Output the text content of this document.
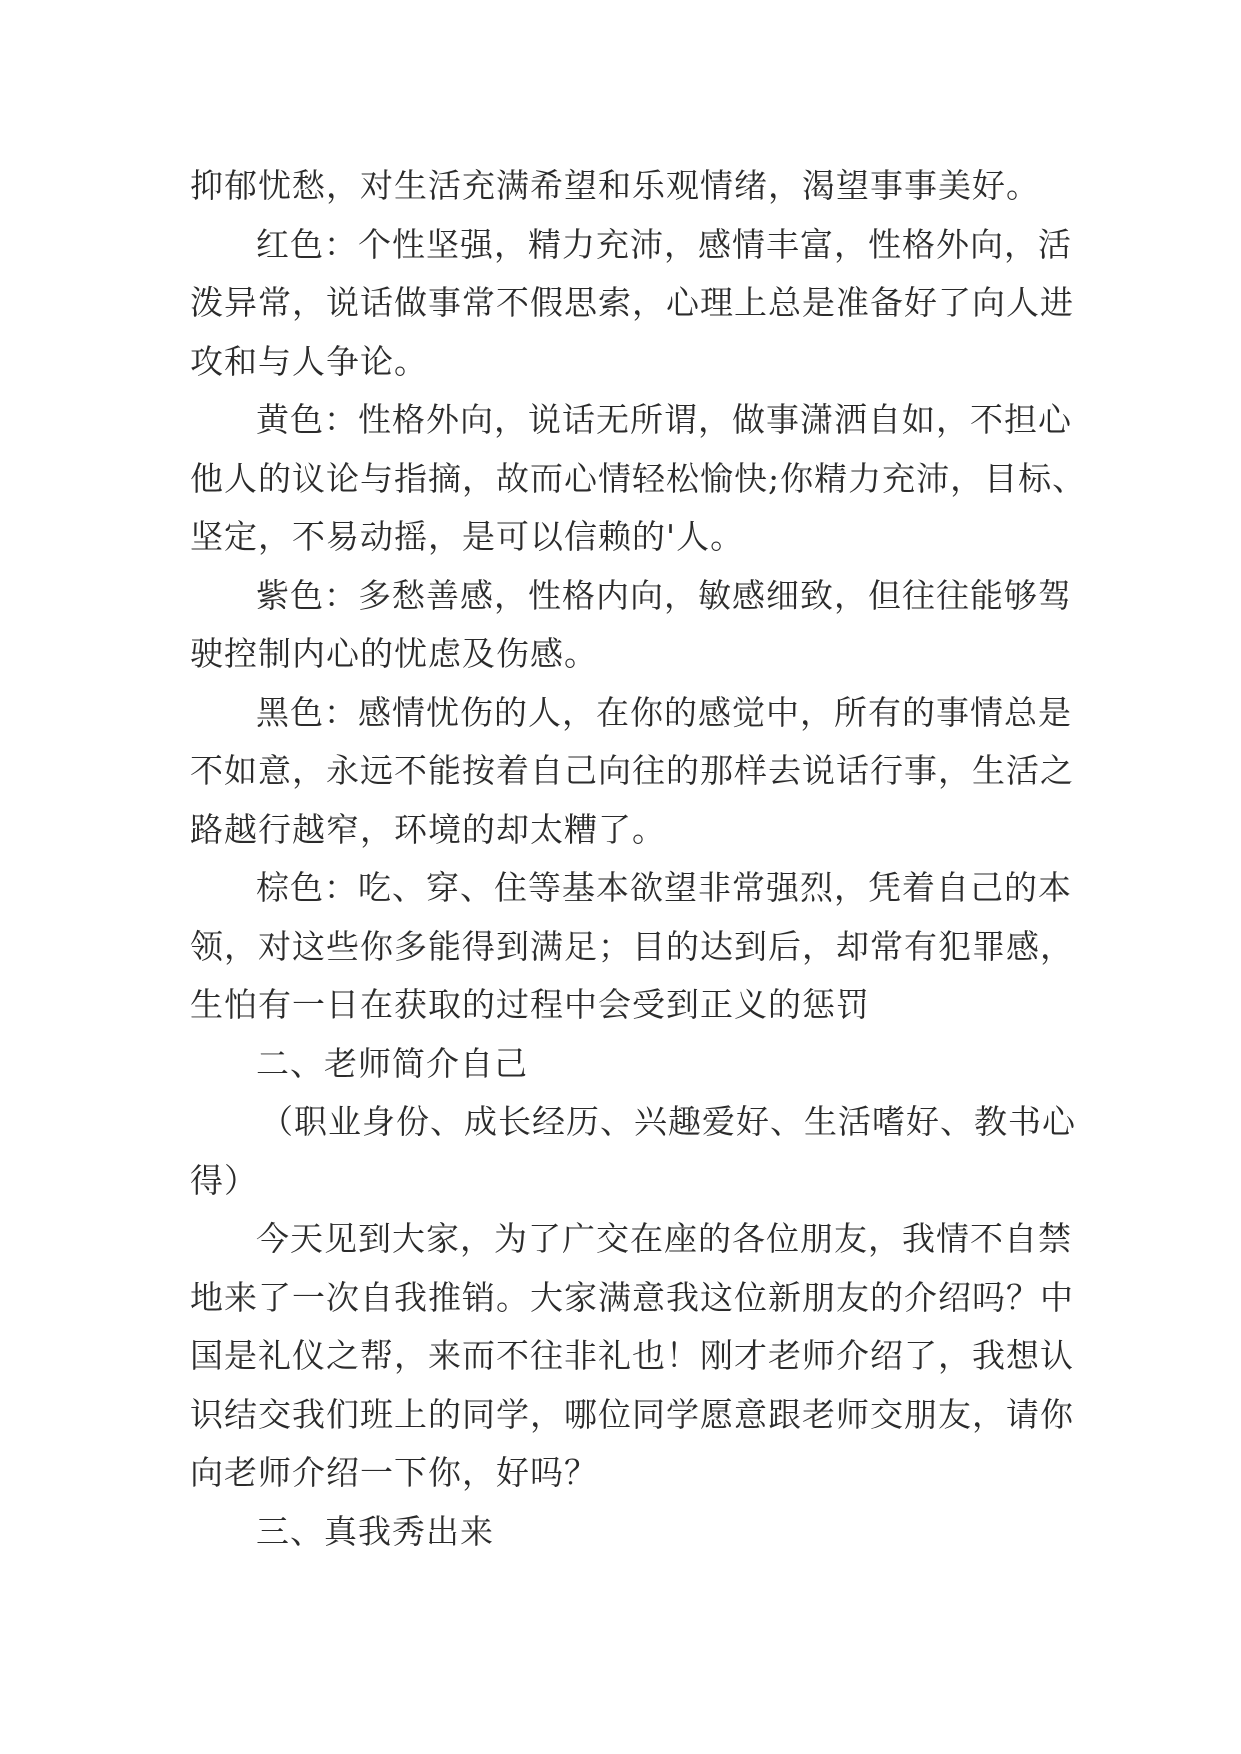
抑郁忧愁，对生活充满希望和乐观情绪，渴望事事美好。
红色：个性坚强，精力充沛，感情丰富，性格外向，活
泼异常，说话做事常不假思索，心理上总是准备好了向人进
攻和与人争论。
黄色：性格外向，说话无所谓，做事潇洒自如，不担心
他人的议论与指摘，故而心情轻松愉快;你精力充沛，目标、
坚定，不易动摇，是可以信赖的'人。
紫色：多愁善感，性格内向，敏感细致，但往往能够驾
驶控制内心的忧虑及伤感。
黑色：感情忧伤的人，在你的感觉中，所有的事情总是
不如意，永远不能按着自己向往的那样去说话行事，生活之
路越行越窄，环境的却太糟了。
棕色：吃、穿、住等基本欲望非常强烈，凭着自己的本
领，对这些你多能得到满足；目的达到后，却常有犯罪感，
生怕有一日在获取的过程中会受到正义的惩罚
二、老师简介自己
（职业身份、成长经历、兴趣爱好、生活嗜好、教书心
得）
今天见到大家，为了广交在座的各位朋友，我情不自禁
地来了一次自我推销。大家满意我这位新朋友的介绍吗？中
国是礼仪之帮，来而不往非礼也！刚才老师介绍了，我想认
识结交我们班上的同学，哪位同学愿意跟老师交朋友，请你
向老师介绍一下你，好吗？
三、真我秀出来
